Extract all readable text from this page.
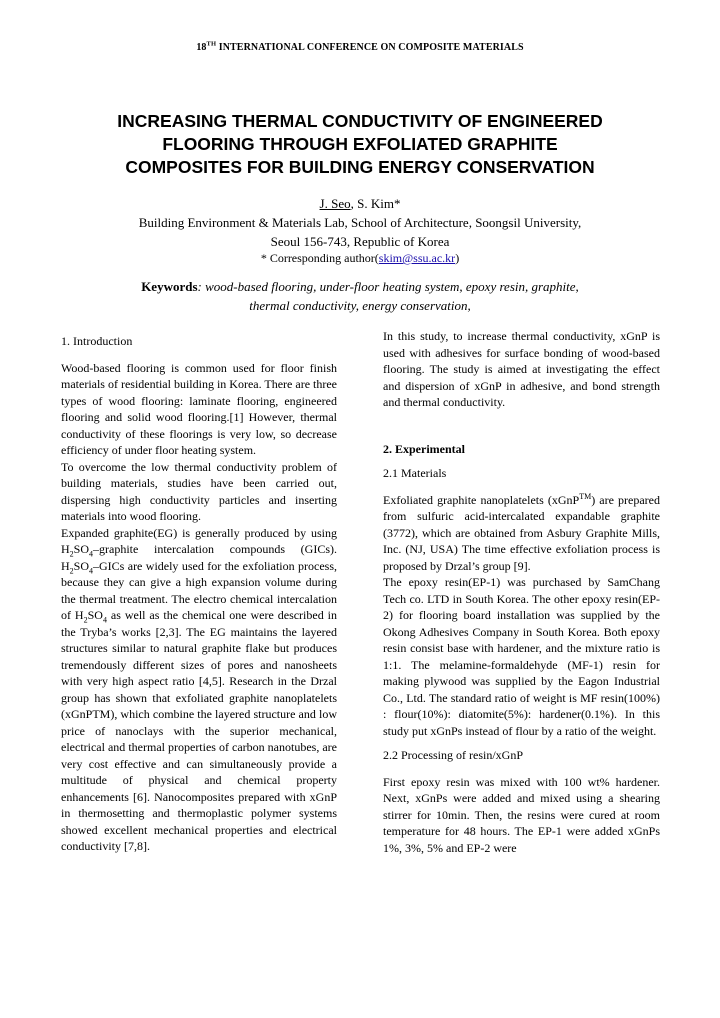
18TH INTERNATIONAL CONFERENCE ON COMPOSITE MATERIALS
INCREASING THERMAL CONDUCTIVITY OF ENGINEERED
FLOORING THROUGH EXFOLIATED GRAPHITE
COMPOSITES FOR BUILDING ENERGY CONSERVATION
J. Seo, S. Kim*
Building Environment & Materials Lab, School of Architecture, Soongsil University,
Seoul 156-743, Republic of Korea
* Corresponding author(skim@ssu.ac.kr)
Keywords: wood-based flooring, under-floor heating system, epoxy resin, graphite,
thermal conductivity, energy conservation,

1. Introduction

Wood-based flooring is common used for floor finish materials of residential building in Korea. There are three types of wood flooring: laminate flooring, engineered flooring and solid wood flooring.[1] However, thermal conductivity of these floorings is very low, so decrease efficiency of under floor heating system.

To overcome the low thermal conductivity problem of building materials, studies have been carried out, dispersing high conductivity particles and inserting materials into wood flooring.

Expanded graphite(EG) is generally produced by using $H_2SO_4$–graphite intercalation compounds (GICs). $H_2SO_4$–GICs are widely used for the exfoliation process, because they can give a high expansion volume during the thermal treatment. The electro chemical intercalation of $H_2SO_4$ as well as the chemical one were described in the Tryba’s works [2,3]. The EG maintains the layered structures similar to natural graphite flake but produces tremendously different sizes of pores and nanosheets with very high aspect ratio [4,5]. Research in the Drzal group has shown that exfoliated graphite nanoplatelets (xGnPTM), which combine the layered structure and low price of nanoclays with the superior mechanical, electrical and thermal properties of carbon nanotubes, are very cost effective and can simultaneously provide a multitude of physical and chemical property enhancements [6]. Nanocomposites prepared with xGnP in thermosetting and thermoplastic polymer systems showed excellent mechanical properties and electrical conductivity [7,8].

In this study, to increase thermal conductivity, xGnP is used with adhesives for surface bonding of wood-based flooring. The study is aimed at investigating the effect and dispersion of xGnP in adhesive, and bond strength and thermal conductivity.

2. Experimental

2.1 Materials

Exfoliated graphite nanoplatelets (xGnP™) are prepared from sulfuric acid-intercalated expandable graphite (3772), which are obtained from Asbury Graphite Mills, Inc. (NJ, USA) The time effective exfoliation process is proposed by Drzal’s group [9].

The epoxy resin(EP-1) was purchased by SamChang Tech co. LTD in South Korea. The other epoxy resin(EP-2) for flooring board installation was supplied by the Okong Adhesives Company in South Korea. Both epoxy resin consist base with hardener, and the mixture ratio is 1:1. The melamine-formaldehyde (MF-1) resin for making plywood was supplied by the Eagon Industrial Co., Ltd. The standard ratio of weight is MF resin(100%) : flour(10%): diatomite(5%): hardener(0.1%). In this study put xGnPs instead of flour by a ratio of the weight.

2.2 Processing of resin/xGnP

First epoxy resin was mixed with 100 wt% hardener. Next, xGnPs were added and mixed using a shearing stirrer for 10min. Then, the resins were cured at room temperature for 48 hours. The EP-1 were added xGnPs 1%, 3%, 5% and EP-2 were
